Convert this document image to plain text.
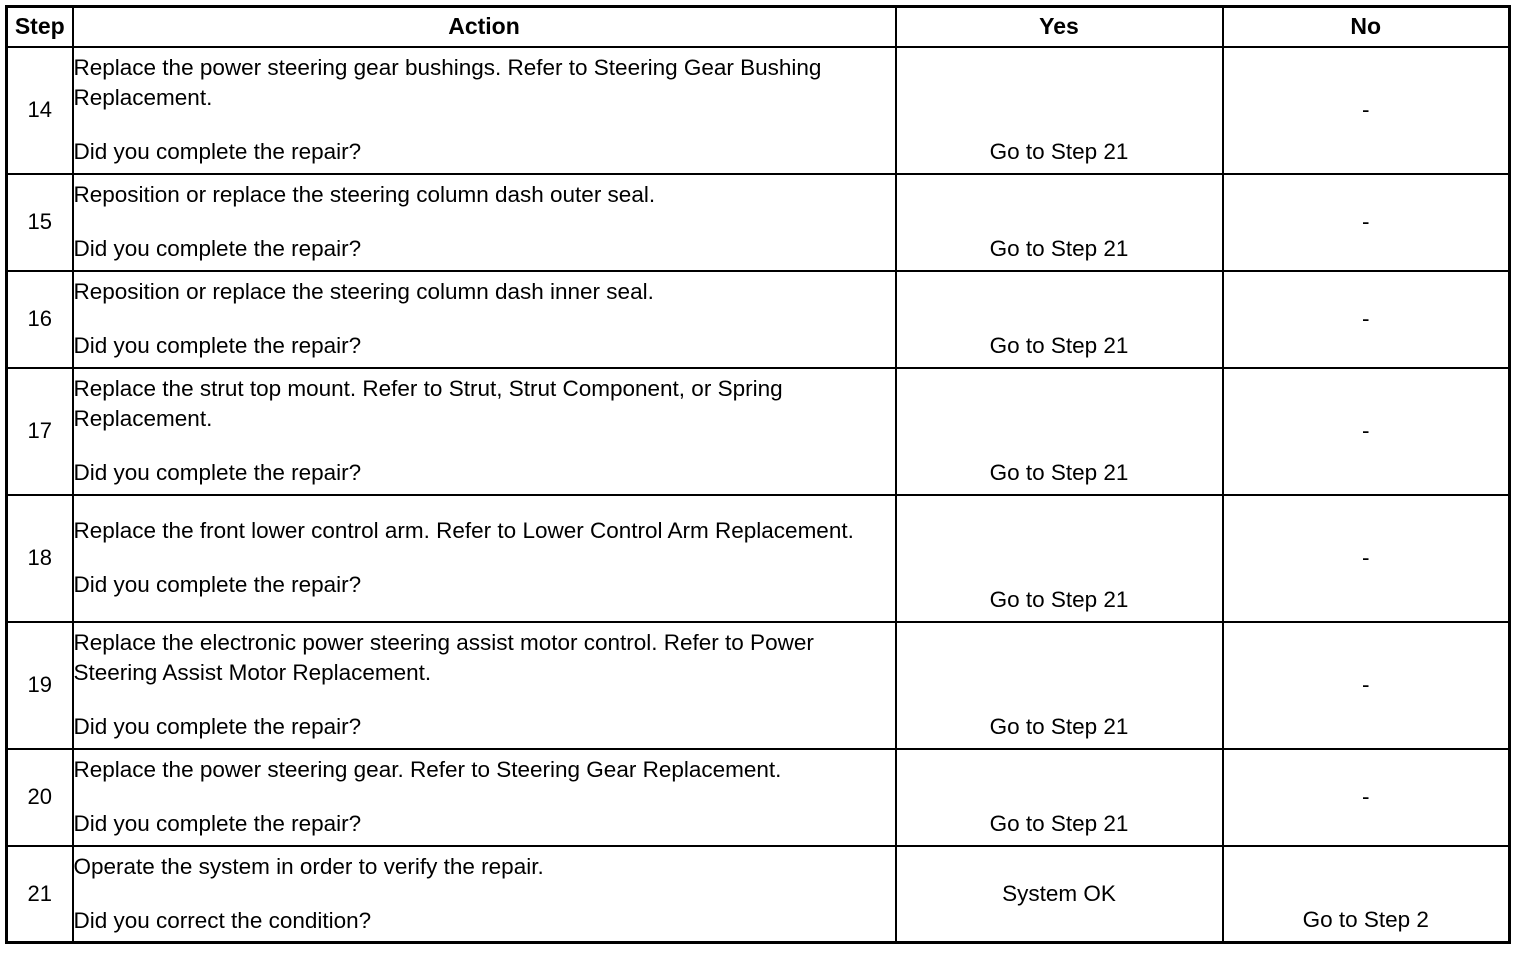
Step	Action	Yes	No
14	Replace the power steering gear bushings. Refer to Steering Gear Bushing Replacement.
Did you complete the repair?	Go to Step 21	-

15	Reposition or replace the steering column dash outer seal.
Did you complete the repair?	Go to Step 21	-

16	Reposition or replace the steering column dash inner seal.
Did you complete the repair?	Go to Step 21	-

17	Replace the strut top mount. Refer to Strut, Strut Component, or Spring Replacement.
Did you complete the repair?	Go to Step 21	-

18	Replace the front lower control arm. Refer to Lower Control Arm Replacement.
Did you complete the repair?	Go to Step 21	-

19	Replace the electronic power steering assist motor control. Refer to Power Steering Assist Motor Replacement.
Did you complete the repair?	Go to Step 21	-

20	Replace the power steering gear. Refer to Steering Gear Replacement.
Did you complete the repair?	Go to Step 21	-

21	Operate the system in order to verify the repair.
Did you correct the condition?	System OK	Go to Step 2
